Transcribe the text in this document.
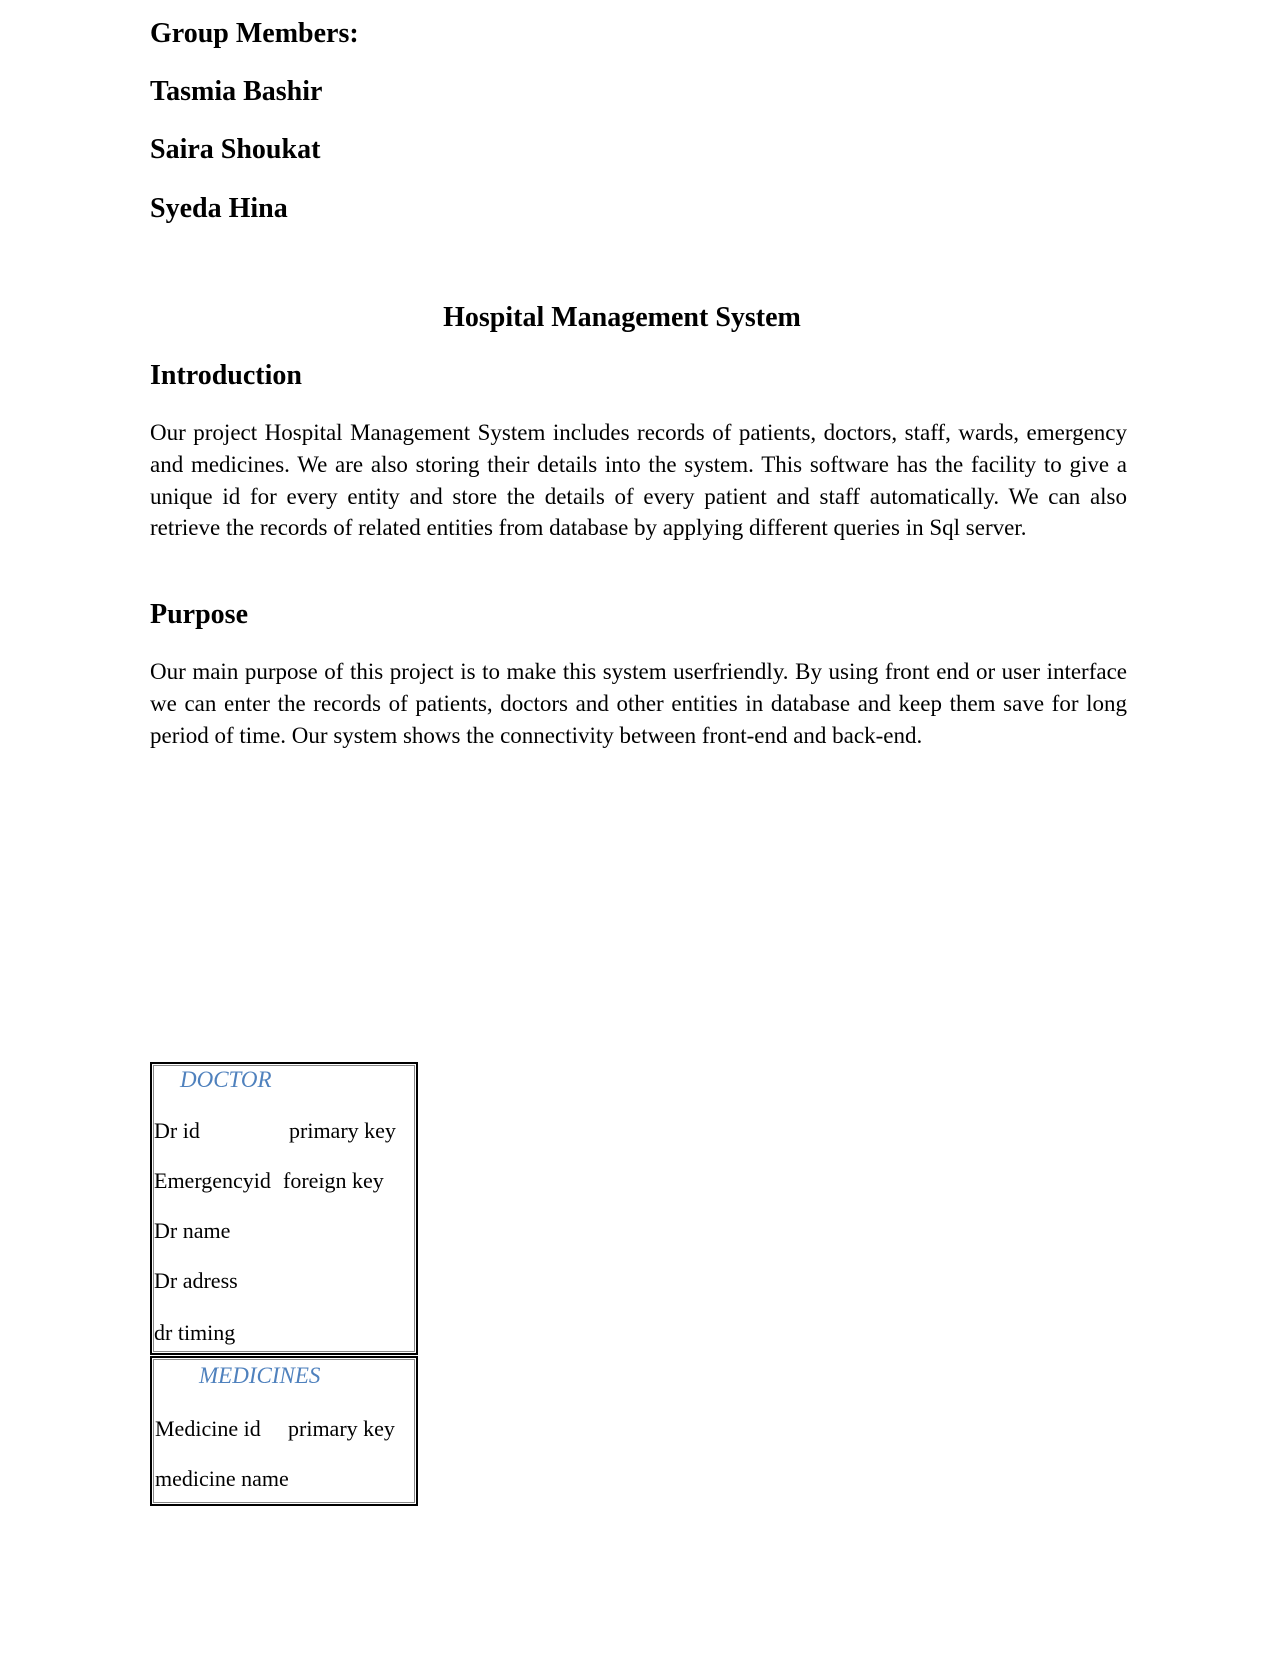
Group Members:
Tasmia Bashir
Saira Shoukat
Syeda Hina
Hospital Management System
Introduction
Our project Hospital Management System includes records of patients, doctors, staff, wards, emergency and medicines. We are also storing their details into the system. This software has the facility to give a unique id for every entity and store the details of every patient and staff automatically. We can also retrieve the records of related entities from database by applying different queries in Sql server.
Purpose
Our main purpose of this project is to make this system userfriendly. By using front end or user interface we can enter the records of patients, doctors and other entities in database and keep them save for long period of time. Our system shows the connectivity between front-end and back-end.
DOCTOR
Dr id	primary key
Emergencyid foreign key
Dr name
Dr adress
dr timing
MEDICINES
Medicine id primary key
medicine name
